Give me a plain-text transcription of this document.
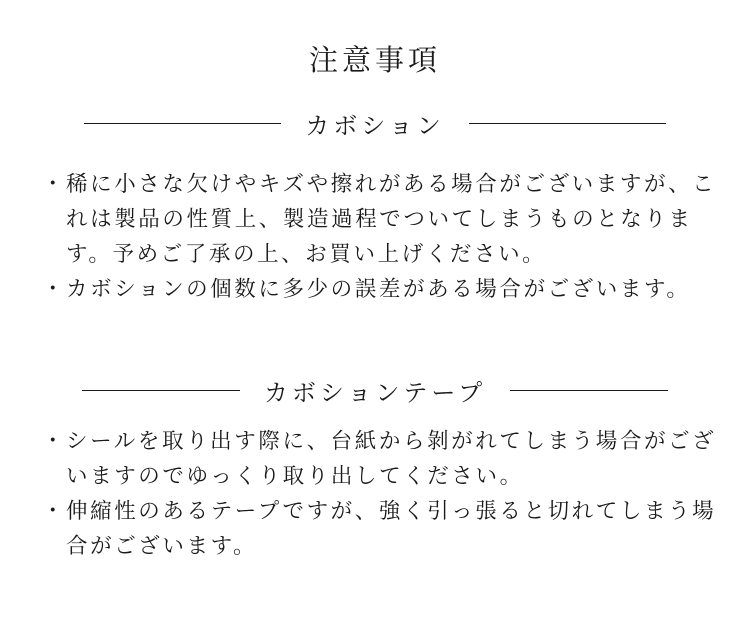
注意事項
カボション
・ 稀に小さな欠けやキズや擦れがある場合がございますが、これは製品の性質上、製造過程でついてしまうものとなります。予めご了承の上、お買い上げください。
・ カボションの個数に多少の誤差がある場合がございます。
カボションテープ
・ シールを取り出す際に、台紙から剝がれてしまう場合がございますのでゆっくり取り出してください。
・ 伸縮性のあるテープですが、強く引っ張ると切れてしまう場合がございます。
